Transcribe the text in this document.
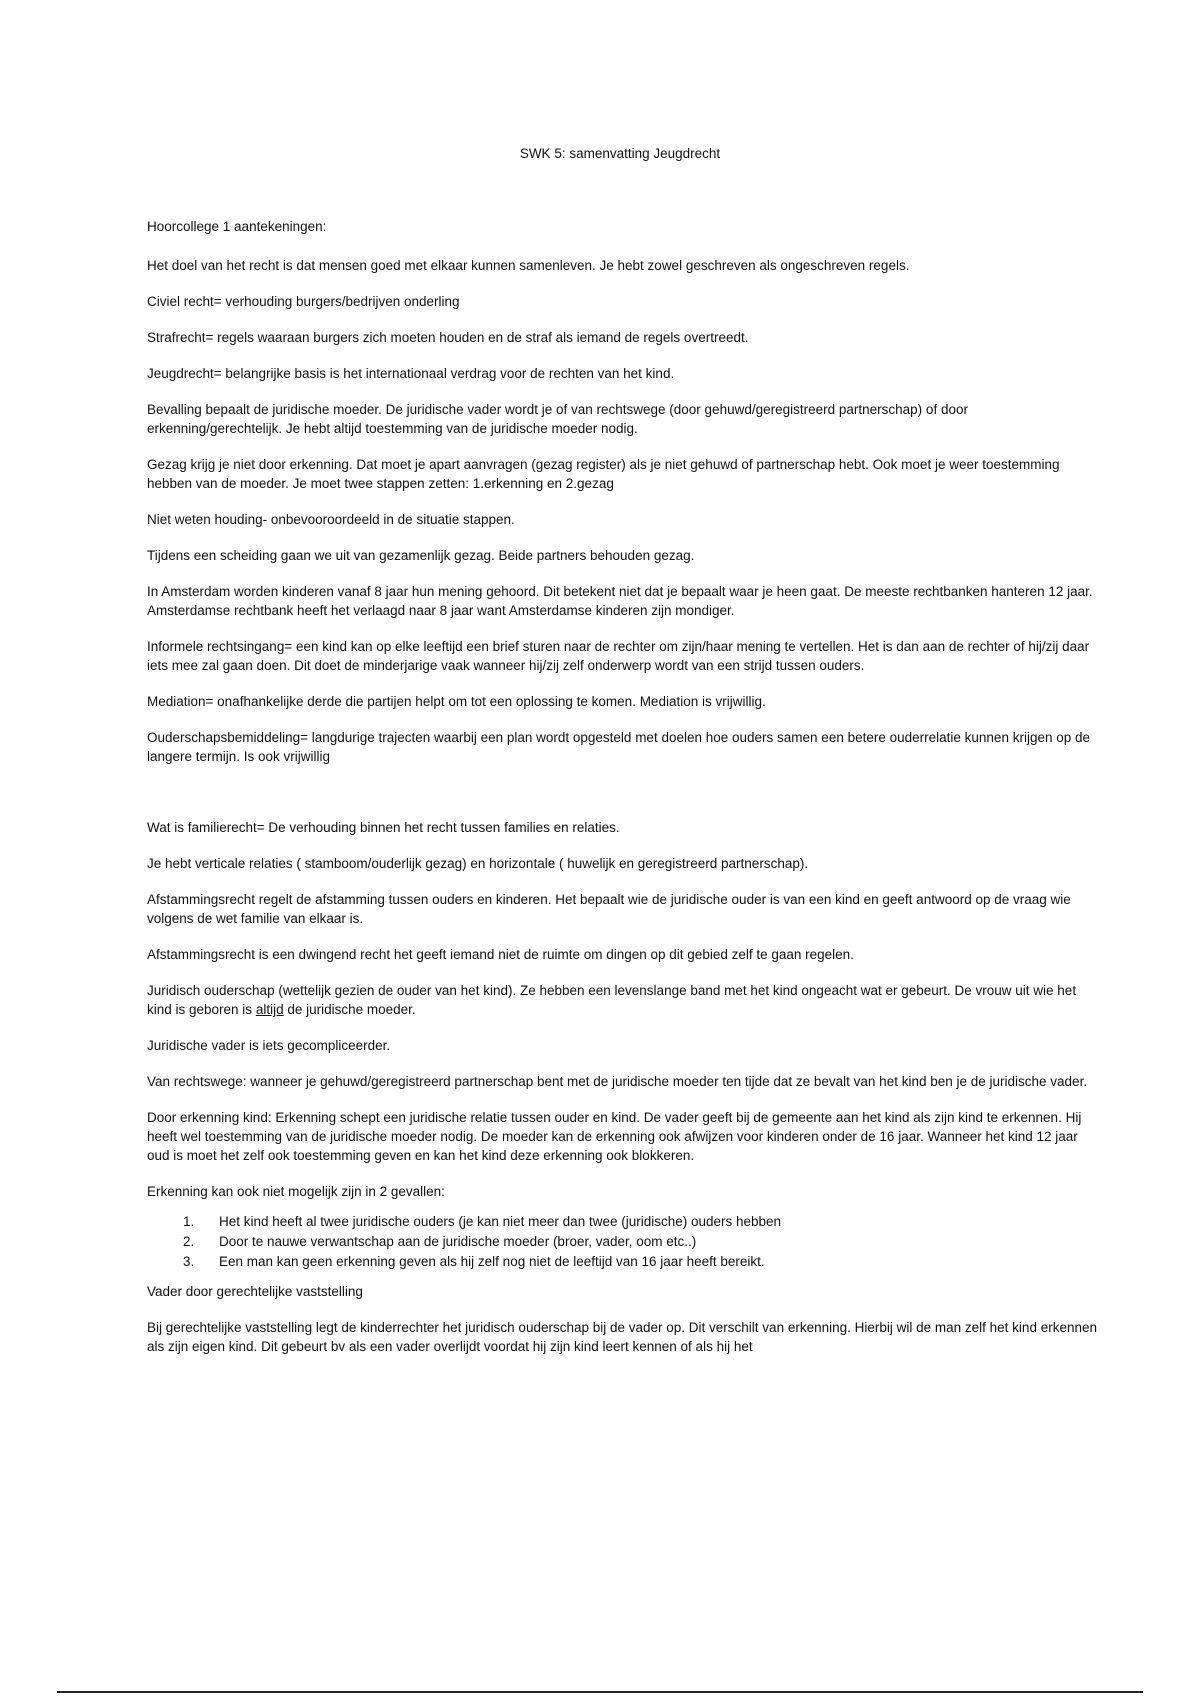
SWK 5: samenvatting Jeugdrecht

Hoorcollege 1 aantekeningen:

Het doel van het recht is dat mensen goed met elkaar kunnen samenleven. Je hebt zowel geschreven als ongeschreven regels.

Civiel recht= verhouding burgers/bedrijven onderling

Strafrecht= regels waaraan burgers zich moeten houden en de straf als iemand de regels overtreedt.

Jeugdrecht= belangrijke basis is het internationaal verdrag voor de rechten van het kind.

Bevalling bepaalt de juridische moeder. De juridische vader wordt je of van rechtswege (door gehuwd/geregistreerd partnerschap) of door erkenning/gerechtelijk. Je hebt altijd toestemming van de juridische moeder nodig.

Gezag krijg je niet door erkenning. Dat moet je apart aanvragen (gezag register) als je niet gehuwd of partnerschap hebt. Ook moet je weer toestemming hebben van de moeder. Je moet twee stappen zetten: 1.erkenning en 2.gezag

Niet weten houding- onbevooroordeeld in de situatie stappen.

Tijdens een scheiding gaan we uit van gezamenlijk gezag. Beide partners behouden gezag.

In Amsterdam worden kinderen vanaf 8 jaar hun mening gehoord. Dit betekent niet dat je bepaalt waar je heen gaat. De meeste rechtbanken hanteren 12 jaar. Amsterdamse rechtbank heeft het verlaagd naar 8 jaar want Amsterdamse kinderen zijn mondiger.

Informele rechtsingang= een kind kan op elke leeftijd een brief sturen naar de rechter om zijn/haar mening te vertellen. Het is dan aan de rechter of hij/zij daar iets mee zal gaan doen. Dit doet de minderjarige vaak wanneer hij/zij zelf onderwerp wordt van een strijd tussen ouders.

Mediation= onafhankelijke derde die partijen helpt om tot een oplossing te komen. Mediation is vrijwillig.

Ouderschapsbemiddeling= langdurige trajecten waarbij een plan wordt opgesteld met doelen hoe ouders samen een betere ouderrelatie kunnen krijgen op de langere termijn. Is ook vrijwillig

Wat is familierecht= De verhouding binnen het recht tussen families en relaties.

Je hebt verticale relaties ( stamboom/ouderlijk gezag) en horizontale ( huwelijk en geregistreerd partnerschap).

Afstammingsrecht regelt de afstamming tussen ouders en kinderen. Het bepaalt wie de juridische ouder is van een kind en geeft antwoord op de vraag wie volgens de wet familie van elkaar is.

Afstammingsrecht is een dwingend recht het geeft iemand niet de ruimte om dingen op dit gebied zelf te gaan regelen.

Juridisch ouderschap (wettelijk gezien de ouder van het kind). Ze hebben een levenslange band met het kind ongeacht wat er gebeurt. De vrouw uit wie het kind is geboren is altijd de juridische moeder.

Juridische vader is iets gecompliceerder.

Van rechtswege: wanneer je gehuwd/geregistreerd partnerschap bent met de juridische moeder ten tijde dat ze bevalt van het kind ben je de juridische vader.

Door erkenning kind: Erkenning schept een juridische relatie tussen ouder en kind. De vader geeft bij de gemeente aan het kind als zijn kind te erkennen. Hij heeft wel toestemming van de juridische moeder nodig. De moeder kan de erkenning ook afwijzen voor kinderen onder de 16 jaar. Wanneer het kind 12 jaar oud is moet het zelf ook toestemming geven en kan het kind deze erkenning ook blokkeren.

Erkenning kan ook niet mogelijk zijn in 2 gevallen:

1. Het kind heeft al twee juridische ouders (je kan niet meer dan twee (juridische) ouders hebben
2. Door te nauwe verwantschap aan de juridische moeder (broer, vader, oom etc..)
3. Een man kan geen erkenning geven als hij zelf nog niet de leeftijd van 16 jaar heeft bereikt.

Vader door gerechtelijke vaststelling

Bij gerechtelijke vaststelling legt de kinderrechter het juridisch ouderschap bij de vader op. Dit verschilt van erkenning. Hierbij wil de man zelf het kind erkennen als zijn eigen kind. Dit gebeurt bv als een vader overlijdt voordat hij zijn kind leert kennen of als hij het
